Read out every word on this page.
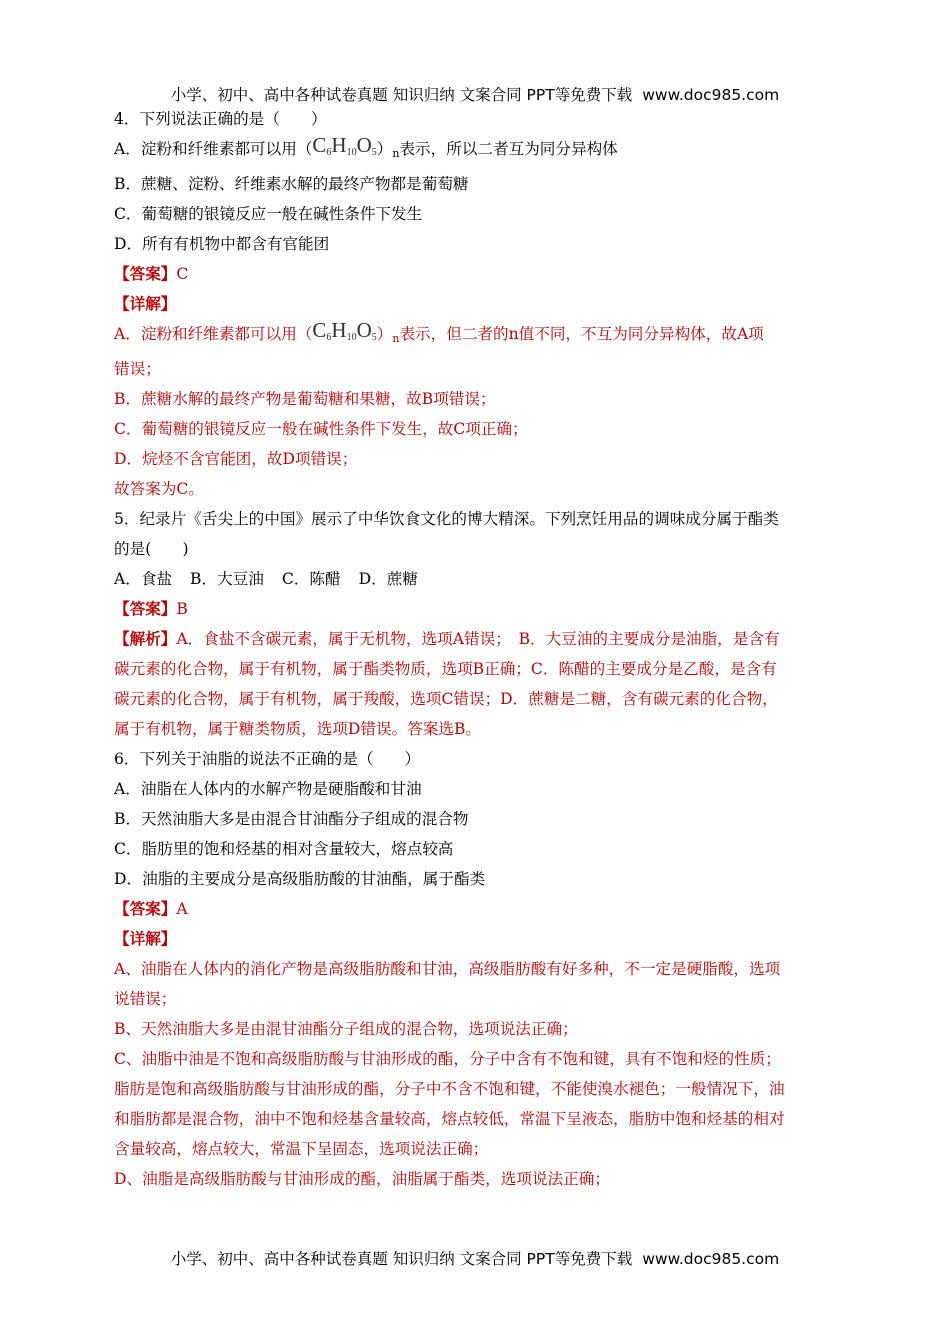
小学、初中、高中各种试卷真题 知识归纳 文案合同 PPT等免费下载 www.doc985.com
4．下列说法正确的是（　　）
A．淀粉和纤维素都可以用$(C_6H_{10}O_5)n$表示，所以二者互为同分异构体
B．蔗糖、淀粉、纤维素水解的最终产物都是葡萄糖
C．葡萄糖的银镜反应一般在碱性条件下发生
D．所有有机物中都含有官能团
【答案】C
【详解】
A．淀粉和纤维素都可以用$(C_6H_{10}O_5)n$表示，但二者的n值不同，不互为同分异构体，故A项
错误；
B．蔗糖水解的最终产物是葡萄糖和果糖，故B项错误；
C．葡萄糖的银镜反应一般在碱性条件下发生，故C项正确；
D．烷烃不含官能团，故D项错误；
故答案为C。
5．纪录片《舌尖上的中国》展示了中华饮食文化的博大精深。下列烹饪用品的调味成分属于酯类
的是(　　)
A．食盐 B．大豆油 C．陈醋 D．蔗糖
【答案】B
【解析】A．食盐不含碳元素，属于无机物，选项A错误；　B．大豆油的主要成分是油脂，是含有
碳元素的化合物，属于有机物，属于酯类物质，选项B正确；C．陈醋的主要成分是乙酸，是含有
碳元素的化合物，属于有机物，属于羧酸，选项C错误；D．蔗糖是二糖，含有碳元素的化合物，
属于有机物，属于糖类物质，选项D错误。答案选B。
6．下列关于油脂的说法不正确的是（　　）
A．油脂在人体内的水解产物是硬脂酸和甘油
B．天然油脂大多是由混合甘油酯分子组成的混合物
C．脂肪里的饱和烃基的相对含量较大，熔点较高
D．油脂的主要成分是高级脂肪酸的甘油酯，属于酯类
【答案】A
【详解】
A、油脂在人体内的消化产物是高级脂肪酸和甘油，高级脂肪酸有好多种，不一定是硬脂酸，选项
说错误；
B、天然油脂大多是由混甘油酯分子组成的混合物，选项说法正确；
C、油脂中油是不饱和高级脂肪酸与甘油形成的酯，分子中含有不饱和键，具有不饱和烃的性质；
脂肪是饱和高级脂肪酸与甘油形成的酯，分子中不含不饱和键，不能使溴水褪色；一般情况下，油
和脂肪都是混合物，油中不饱和烃基含量较高，熔点较低，常温下呈液态，脂肪中饱和烃基的相对
含量较高，熔点较大，常温下呈固态，选项说法正确；
D、油脂是高级脂肪酸与甘油形成的酯，油脂属于酯类，选项说法正确；
小学、初中、高中各种试卷真题 知识归纳 文案合同 PPT等免费下载 www.doc985.com
